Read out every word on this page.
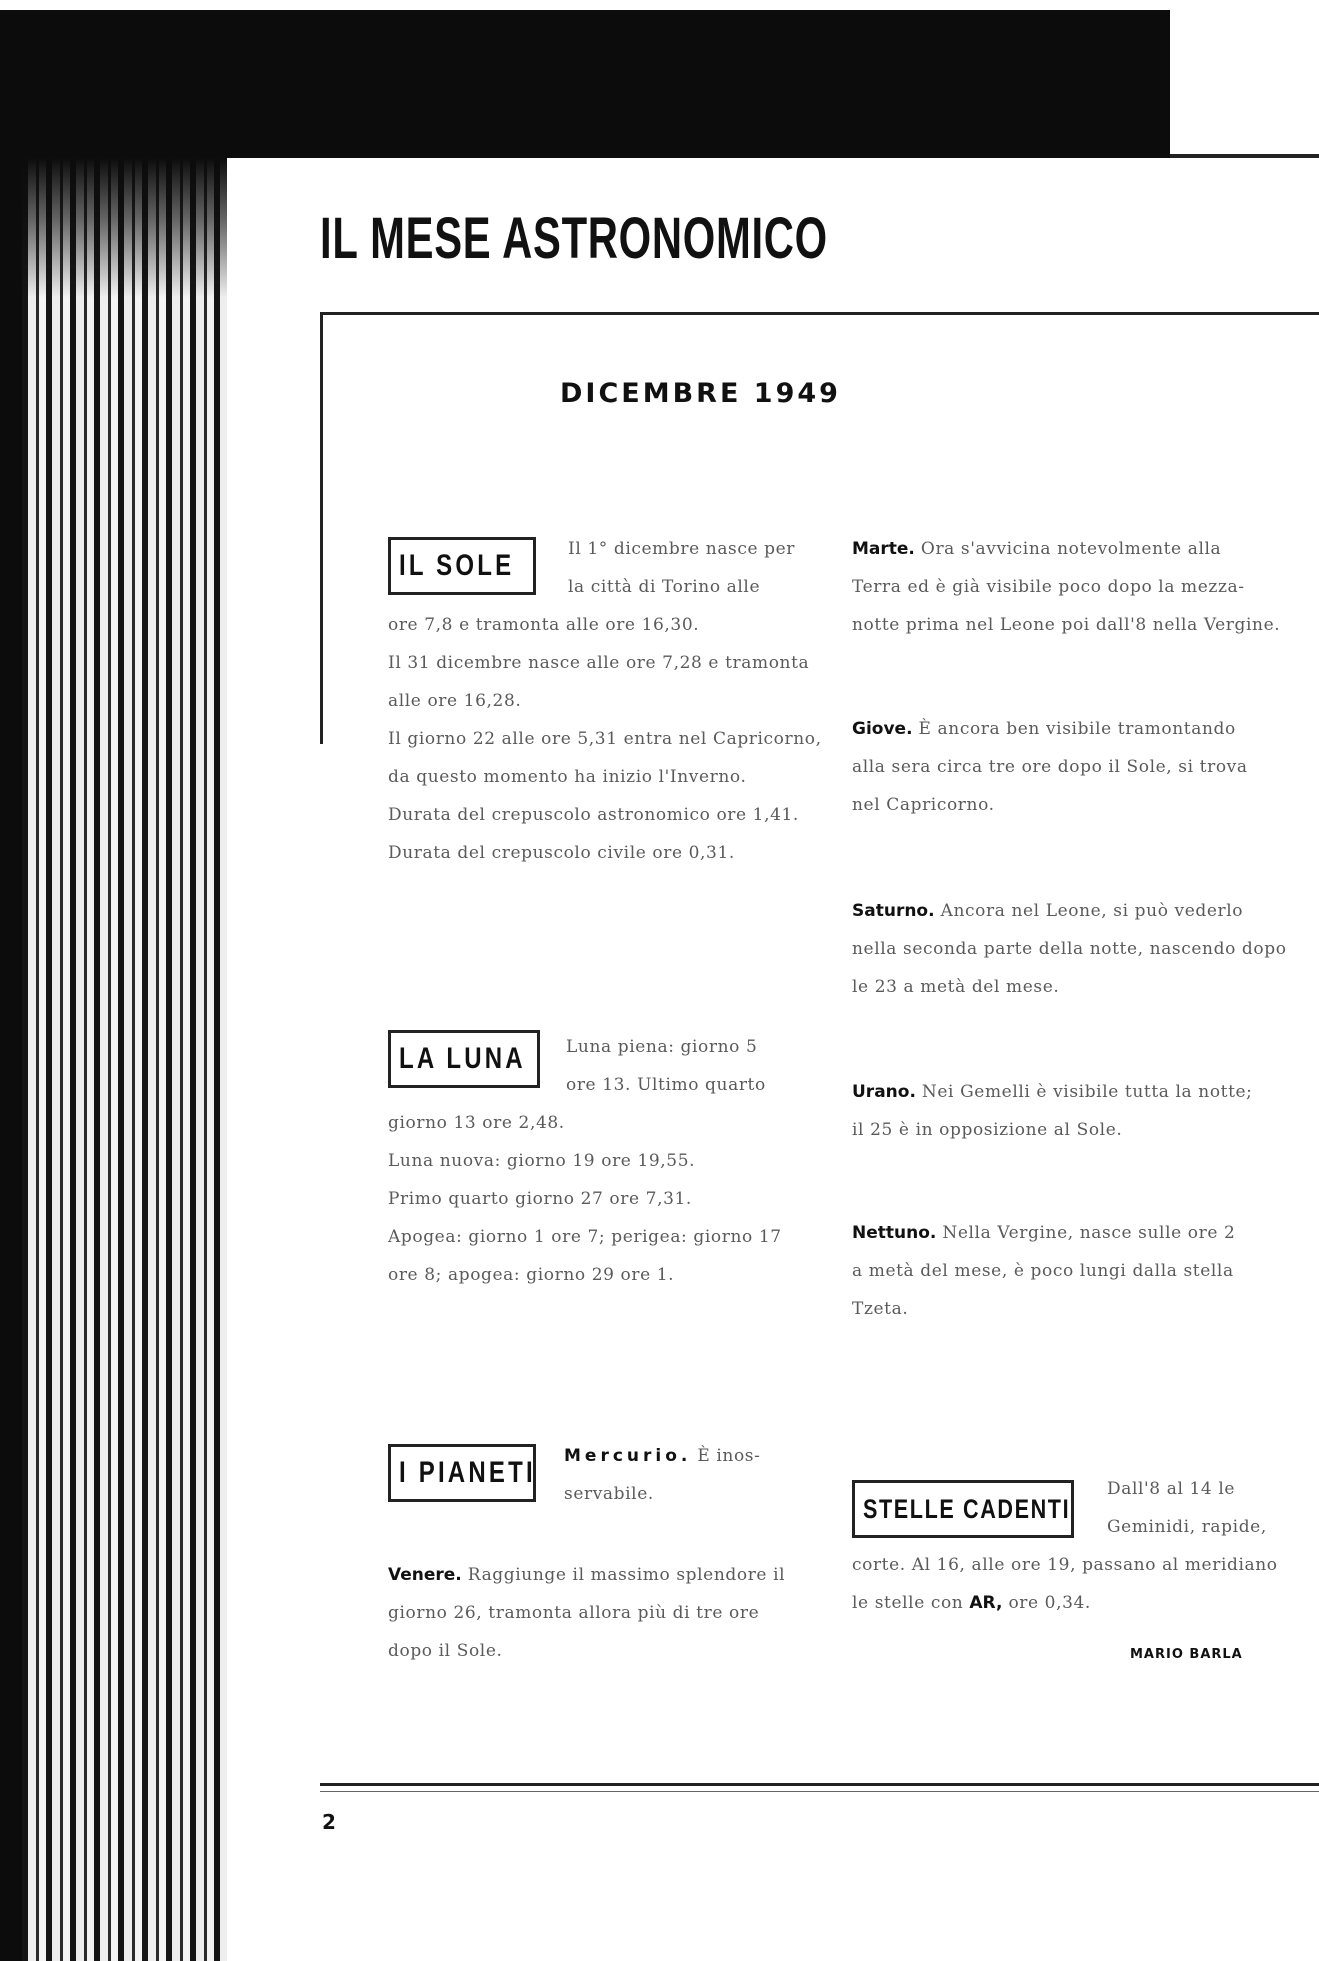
IL MESE ASTRONOMICO
DICEMBRE 1949
Il 1° dicembre nasce per
la città di Torino alle
ore 7,8 e tramonta alle ore 16,30.
Il 31 dicembre nasce alle ore 7,28 e tramonta
alle ore 16,28.
Il giorno 22 alle ore 5,31 entra nel Capricorno,
da questo momento ha inizio l'Inverno.
Durata del crepuscolo astronomico ore 1,41.
Durata del crepuscolo civile ore 0,31.
IL SOLE
Luna piena: giorno 5
ore 13. Ultimo quarto
giorno 13 ore 2,48.
Luna nuova: giorno 19 ore 19,55.
Primo quarto giorno 27 ore 7,31.
Apogea: giorno 1 ore 7; perigea: giorno 17
ore 8; apogea: giorno 29 ore 1.
LA LUNA
I PIANETI Mercurio. È inos-
servabile.
Venere. Raggiunge il massimo splendore il
giorno 26, tramonta allora più di tre ore
dopo il Sole.
Marte. Ora s'avvicina notevolmente alla
Terra ed è già visibile poco dopo la mezza-
notte prima nel Leone poi dall'8 nella Vergine.
Giove. È ancora ben visibile tramontando
alla sera circa tre ore dopo il Sole, si trova
nel Capricorno.
Saturno. Ancora nel Leone, si può vederlo
nella seconda parte della notte, nascendo dopo
le 23 a metà del mese.
Urano. Nei Gemelli è visibile tutta la notte;
il 25 è in opposizione al Sole.
Nettuno. Nella Vergine, nasce sulle ore 2
a metà del mese, è poco lungi dalla stella
Tzeta.
Dall'8 al 14 le
Geminidi, rapide,
corte. Al 16, alle ore 19, passano al meridiano
le stelle con AR, ore 0,34.
STELLE CADENTI
MARIO BARLA
2
